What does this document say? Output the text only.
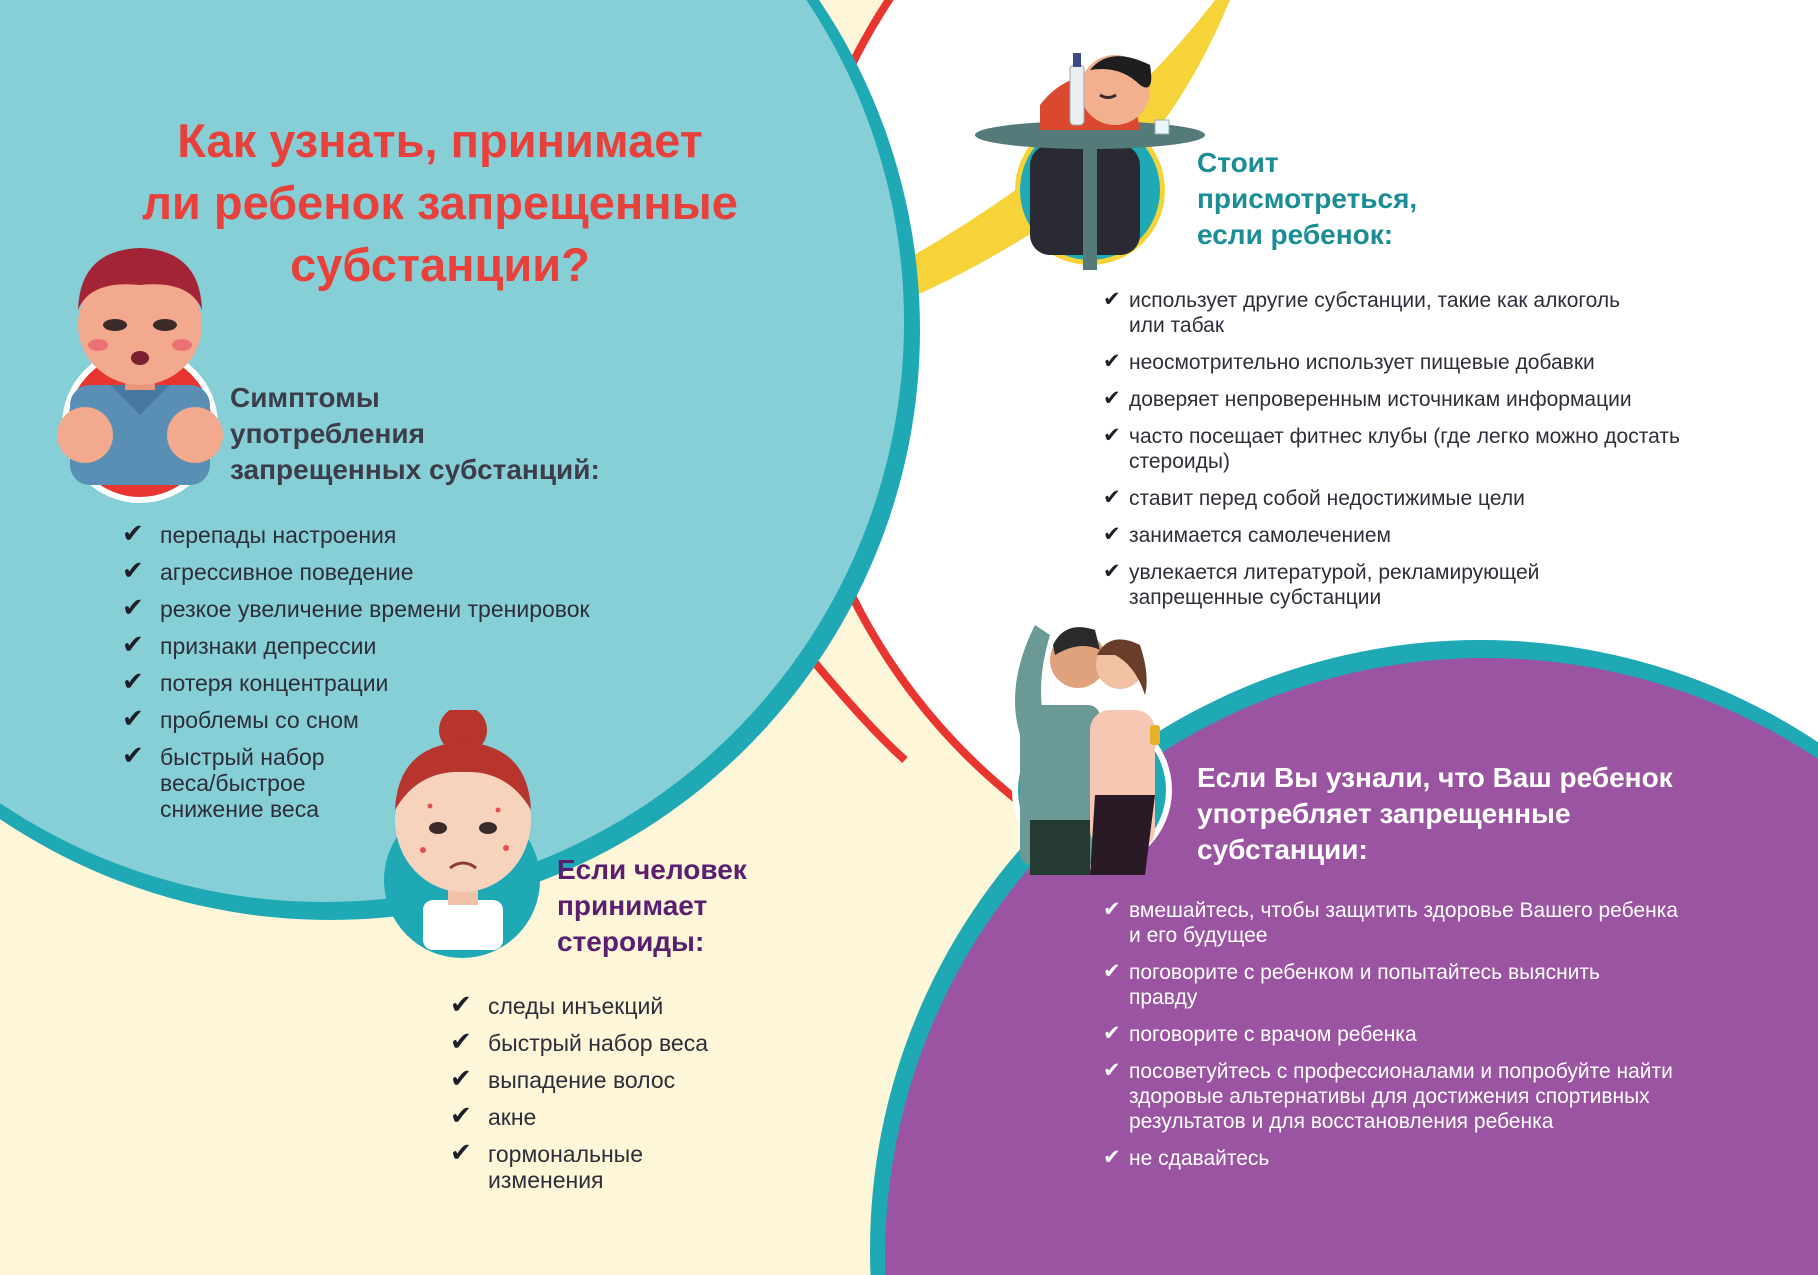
Как узнать, принимает
ли ребенок запрещенные
субстанции?
Симптомы
употребления
запрещенных субстанций:
✔ перепады настроения
✔ агрессивное поведение
✔ резкое увеличение времени тренировок
✔ признаки депрессии
✔ потеря концентрации
✔ проблемы со сном
✔ быстрый набор
веса/быстрое
снижение веса
Если человек
принимает
стероиды:
✔ следы инъекций
✔ быстрый набор веса
✔ выпадение волос
✔ акне
✔ гормональные
изменения
Стоит
присмотреться,
если ребенок:
✔ использует другие субстанции, такие как алкоголь
или табак
✔ неосмотрительно использует пищевые добавки
✔ доверяет непроверенным источникам информации
✔ часто посещает фитнес клубы (где легко можно достать
стероиды)
✔ ставит перед собой недостижимые цели
✔ занимается самолечением
✔ увлекается литературой, рекламирующей
запрещенные субстанции
Если Вы узнали, что Ваш ребенок
употребляет запрещенные
субстанции:
✔ вмешайтесь, чтобы защитить здоровье Вашего ребенка
и его будущее
✔ поговорите с ребенком и попытайтесь выяснить
правду
✔ поговорите с врачом ребенка
✔ посоветуйтесь с профессионалами и попробуйте найти
здоровые альтернативы для достижения спортивных
результатов и для восстановления ребенка
✔ не сдавайтесь
